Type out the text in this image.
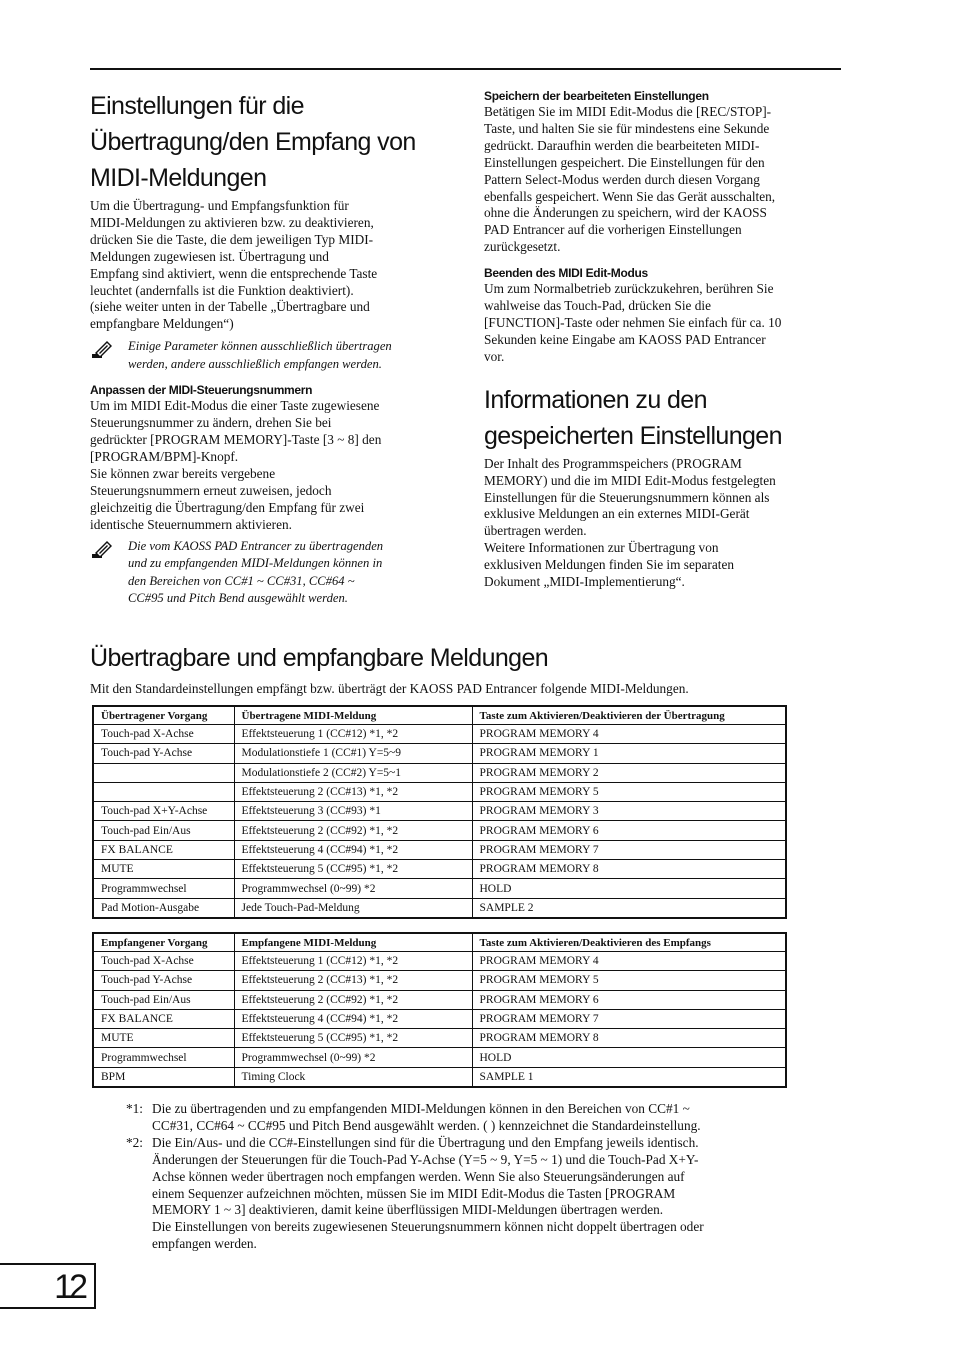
Einstellungen für die
Übertragung/den Empfang von
MIDI-Meldungen

Um die Übertragung- und Empfangsfunktion für
MIDI-Meldungen zu aktivieren bzw. zu deaktivieren,
drücken Sie die Taste, die dem jeweiligen Typ MIDI-
Meldungen zugewiesen ist. Übertragung und
Empfang sind aktiviert, wenn die entsprechende Taste
leuchtet (andernfalls ist die Funktion deaktiviert).
(siehe weiter unten in der Tabelle „Übertragbare und
empfangbare Meldungen“)

Einige Parameter können ausschließlich übertragen
werden, andere ausschließlich empfangen werden.
Anpassen der MIDI-Steuerungsnummern

Um im MIDI Edit-Modus die einer Taste zugewiesene
Steuerungsnummer zu ändern, drehen Sie bei
gedrückter [PROGRAM MEMORY]-Taste [3 ~ 8] den
[PROGRAM/BPM]-Knopf.
Sie können zwar bereits vergebene
Steuerungsnummern erneut zuweisen, jedoch
gleichzeitig die Übertragung/den Empfang für zwei
identische Steuernummern aktivieren.

Die vom KAOSS PAD Entrancer zu übertragenden
und zu empfangenden MIDI-Meldungen können in
den Bereichen von CC#1 ~ CC#31, CC#64 ~
CC#95 und Pitch Bend ausgewählt werden.
Speichern der bearbeiteten Einstellungen

Betätigen Sie im MIDI Edit-Modus die [REC/STOP]-
Taste, und halten Sie sie für mindestens eine Sekunde
gedrückt. Daraufhin werden die bearbeiteten MIDI-
Einstellungen gespeichert. Die Einstellungen für den
Pattern Select-Modus werden durch diesen Vorgang
ebenfalls gespeichert. Wenn Sie das Gerät ausschalten,
ohne die Änderungen zu speichern, wird der KAOSS
PAD Entrancer auf die vorherigen Einstellungen
zurückgesetzt.

Beenden des MIDI Edit-Modus

Um zum Normalbetrieb zurückzukehren, berühren Sie
wahlweise das Touch-Pad, drücken Sie die
[FUNCTION]-Taste oder nehmen Sie einfach für ca. 10
Sekunden keine Eingabe am KAOSS PAD Entrancer
vor.

Informationen zu den
gespeicherten Einstellungen

Der Inhalt des Programmspeichers (PROGRAM
MEMORY) und die im MIDI Edit-Modus festgelegten
Einstellungen für die Steuerungsnummern können als
exklusive Meldungen an ein externes MIDI-Gerät
übertragen werden.
Weitere Informationen zur Übertragung von
exklusiven Meldungen finden Sie im separaten
Dokument „MIDI-Implementierung“.

Übertragbare und empfangbare Meldungen

Mit den Standardeinstellungen empfängt bzw. überträgt der KAOSS PAD Entrancer folgende MIDI-Meldungen.

Übertragener Vorgang	Übertragene MIDI-Meldung	Taste zum Aktivieren/Deaktivieren der Übertragung
Touch-pad X-Achse	Effektsteuerung 1 (CC#12) *1, *2	PROGRAM MEMORY 4
Touch-pad Y-Achse	Modulationstiefe 1 (CC#1) Y=5~9	PROGRAM MEMORY 1
	Modulationstiefe 2 (CC#2) Y=5~1	PROGRAM MEMORY 2
	Effektsteuerung 2 (CC#13) *1, *2	PROGRAM MEMORY 5
Touch-pad X+Y-Achse	Effektsteuerung 3 (CC#93) *1	PROGRAM MEMORY 3
Touch-pad Ein/Aus	Effektsteuerung 2 (CC#92) *1, *2	PROGRAM MEMORY 6
FX BALANCE	Effektsteuerung 4 (CC#94) *1, *2	PROGRAM MEMORY 7
MUTE	Effektsteuerung 5 (CC#95) *1, *2	PROGRAM MEMORY 8
Programmwechsel	Programmwechsel (0~99) *2	HOLD
Pad Motion-Ausgabe	Jede Touch-Pad-Meldung	SAMPLE 2
Empfangener Vorgang	Empfangene MIDI-Meldung	Taste zum Aktivieren/Deaktivieren des Empfangs
Touch-pad X-Achse	Effektsteuerung 1 (CC#12) *1, *2	PROGRAM MEMORY 4
Touch-pad Y-Achse	Effektsteuerung 2 (CC#13) *1, *2	PROGRAM MEMORY 5
Touch-pad Ein/Aus	Effektsteuerung 2 (CC#92) *1, *2	PROGRAM MEMORY 6
FX BALANCE	Effektsteuerung 4 (CC#94) *1, *2	PROGRAM MEMORY 7
MUTE	Effektsteuerung 5 (CC#95) *1, *2	PROGRAM MEMORY 8
Programmwechsel	Programmwechsel (0~99) *2	HOLD
BPM	Timing Clock	SAMPLE 1
*1: Die zu übertragenden und zu empfangenden MIDI-Meldungen können in den Bereichen von CC#1 ~
CC#31, CC#64 ~ CC#95 und Pitch Bend ausgewählt werden. ( ) kennzeichnet die Standardeinstellung.
*2: Die Ein/Aus- und die CC#-Einstellungen sind für die Übertragung und den Empfang jeweils identisch.
Änderungen der Steuerungen für die Touch-Pad Y-Achse (Y=5 ~ 9, Y=5 ~ 1) und die Touch-Pad X+Y-
Achse können weder übertragen noch empfangen werden. Wenn Sie also Steuerungsänderungen auf
einem Sequenzer aufzeichnen möchten, müssen Sie im MIDI Edit-Modus die Tasten [PROGRAM
MEMORY 1 ~ 3] deaktivieren, damit keine überflüssigen MIDI-Meldungen übertragen werden.
Die Einstellungen von bereits zugewiesenen Steuerungsnummern können nicht doppelt übertragen oder
empfangen werden.
12
